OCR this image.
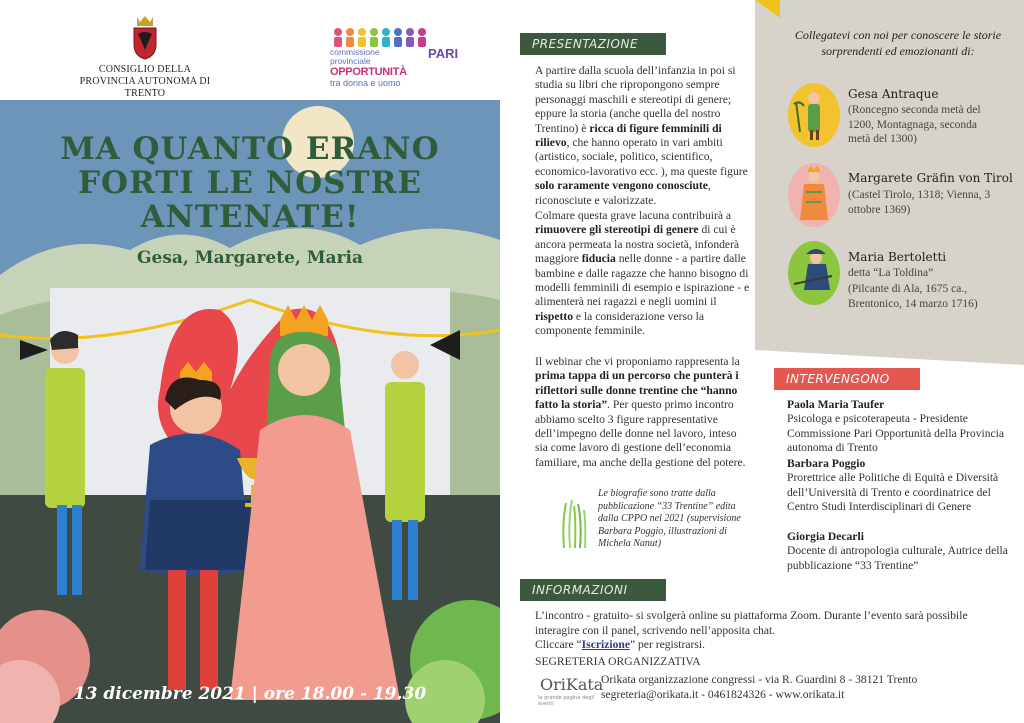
CONSIGLIO DELLA
PROVINCIA AUTONOMA DI TRENTO
commissione
provinciale	PARI
OPPORTUNITÀ
tra donna e uomo
MA QUANTO ERANO
FORTI LE NOSTRE
ANTENATE!
Gesa, Margarete, Maria
13 dicembre 2021 | ore 18.00 - 19.30
PRESENTAZIONE
A partire dalla scuola dell’infanzia in poi si studia su libri che ripropongono sempre personaggi maschili e stereotipi di genere; eppure la storia (anche quella del nostro Trentino) è ricca di figure femminili di rilievo, che hanno operato in vari ambiti (artistico, sociale, politico, scientifico, economico-lavorativo ecc. ), ma queste figure solo raramente vengono conosciute, riconosciute e valorizzate.
Colmare questa grave lacuna contribuirà a rimuovere gli stereotipi di genere di cui è ancora permeata la nostra società, infonderà maggiore fiducia nelle donne - a partire dalle bambine e dalle ragazze che hanno bisogno di modelli femminili di esempio e ispirazione - e alimenterà nei ragazzi e negli uomini il rispetto e la considerazione verso la componente femminile.
Il webinar che vi proponiamo rappresenta la prima tappa di un percorso che punterà i riflettori sulle donne trentine che “hanno fatto la storia”. Per questo primo incontro abbiamo scelto 3 figure rappresentative dell’impegno delle donne nel lavoro, inteso sia come lavoro di gestione dell’economia familiare, ma anche della gestione del potere.
Le biografie sono tratte dalla pubblicazione “33 Trentine” edita dalla CPPO nel 2021 (supervisione Barbara Poggio, illustrazioni di Michela Nanut)
Collegatevi con noi per conoscere le storie sorprendenti ed emozionanti di:
Gesa Antraque
(Roncegno seconda metà del 1200, Montagnaga, seconda metà del 1300)
Margarete Gräfin von Tirol
(Castel Tirolo, 1318; Vienna, 3 ottobre 1369)
Maria Bertoletti
detta “La Toldina”
(Pilcante di Ala, 1675 ca., Brentonico, 14 marzo 1716)
INTERVENGONO
Paola Maria Taufer
Psicologa e psicoterapeuta - Presidente Commissione Pari Opportunità della Provincia autonoma di Trento
Barbara Poggio
Prorettrice alle Politiche di Equità e Diversità dell’Università di Trento e coordinatrice del Centro Studi Interdisciplinari di Genere
Giorgia Decarli
Docente di antropologia culturale, Autrice della pubblicazione “33 Trentine”
INFORMAZIONI
L’incontro - gratuito- si svolgerà online su piattaforma Zoom. Durante l’evento sarà possibile interagire con il panel, scrivendo nell’apposita chat.
Cliccare “Iscrizione” per registrarsi.
SEGRETERIA ORGANIZZATIVA
OriKata
la grande pagina degli eventi
Orikata organizzazione congressi - via R. Guardini 8 - 38121 Trento
segreteria@orikata.it - 0461824326 - www.orikata.it
